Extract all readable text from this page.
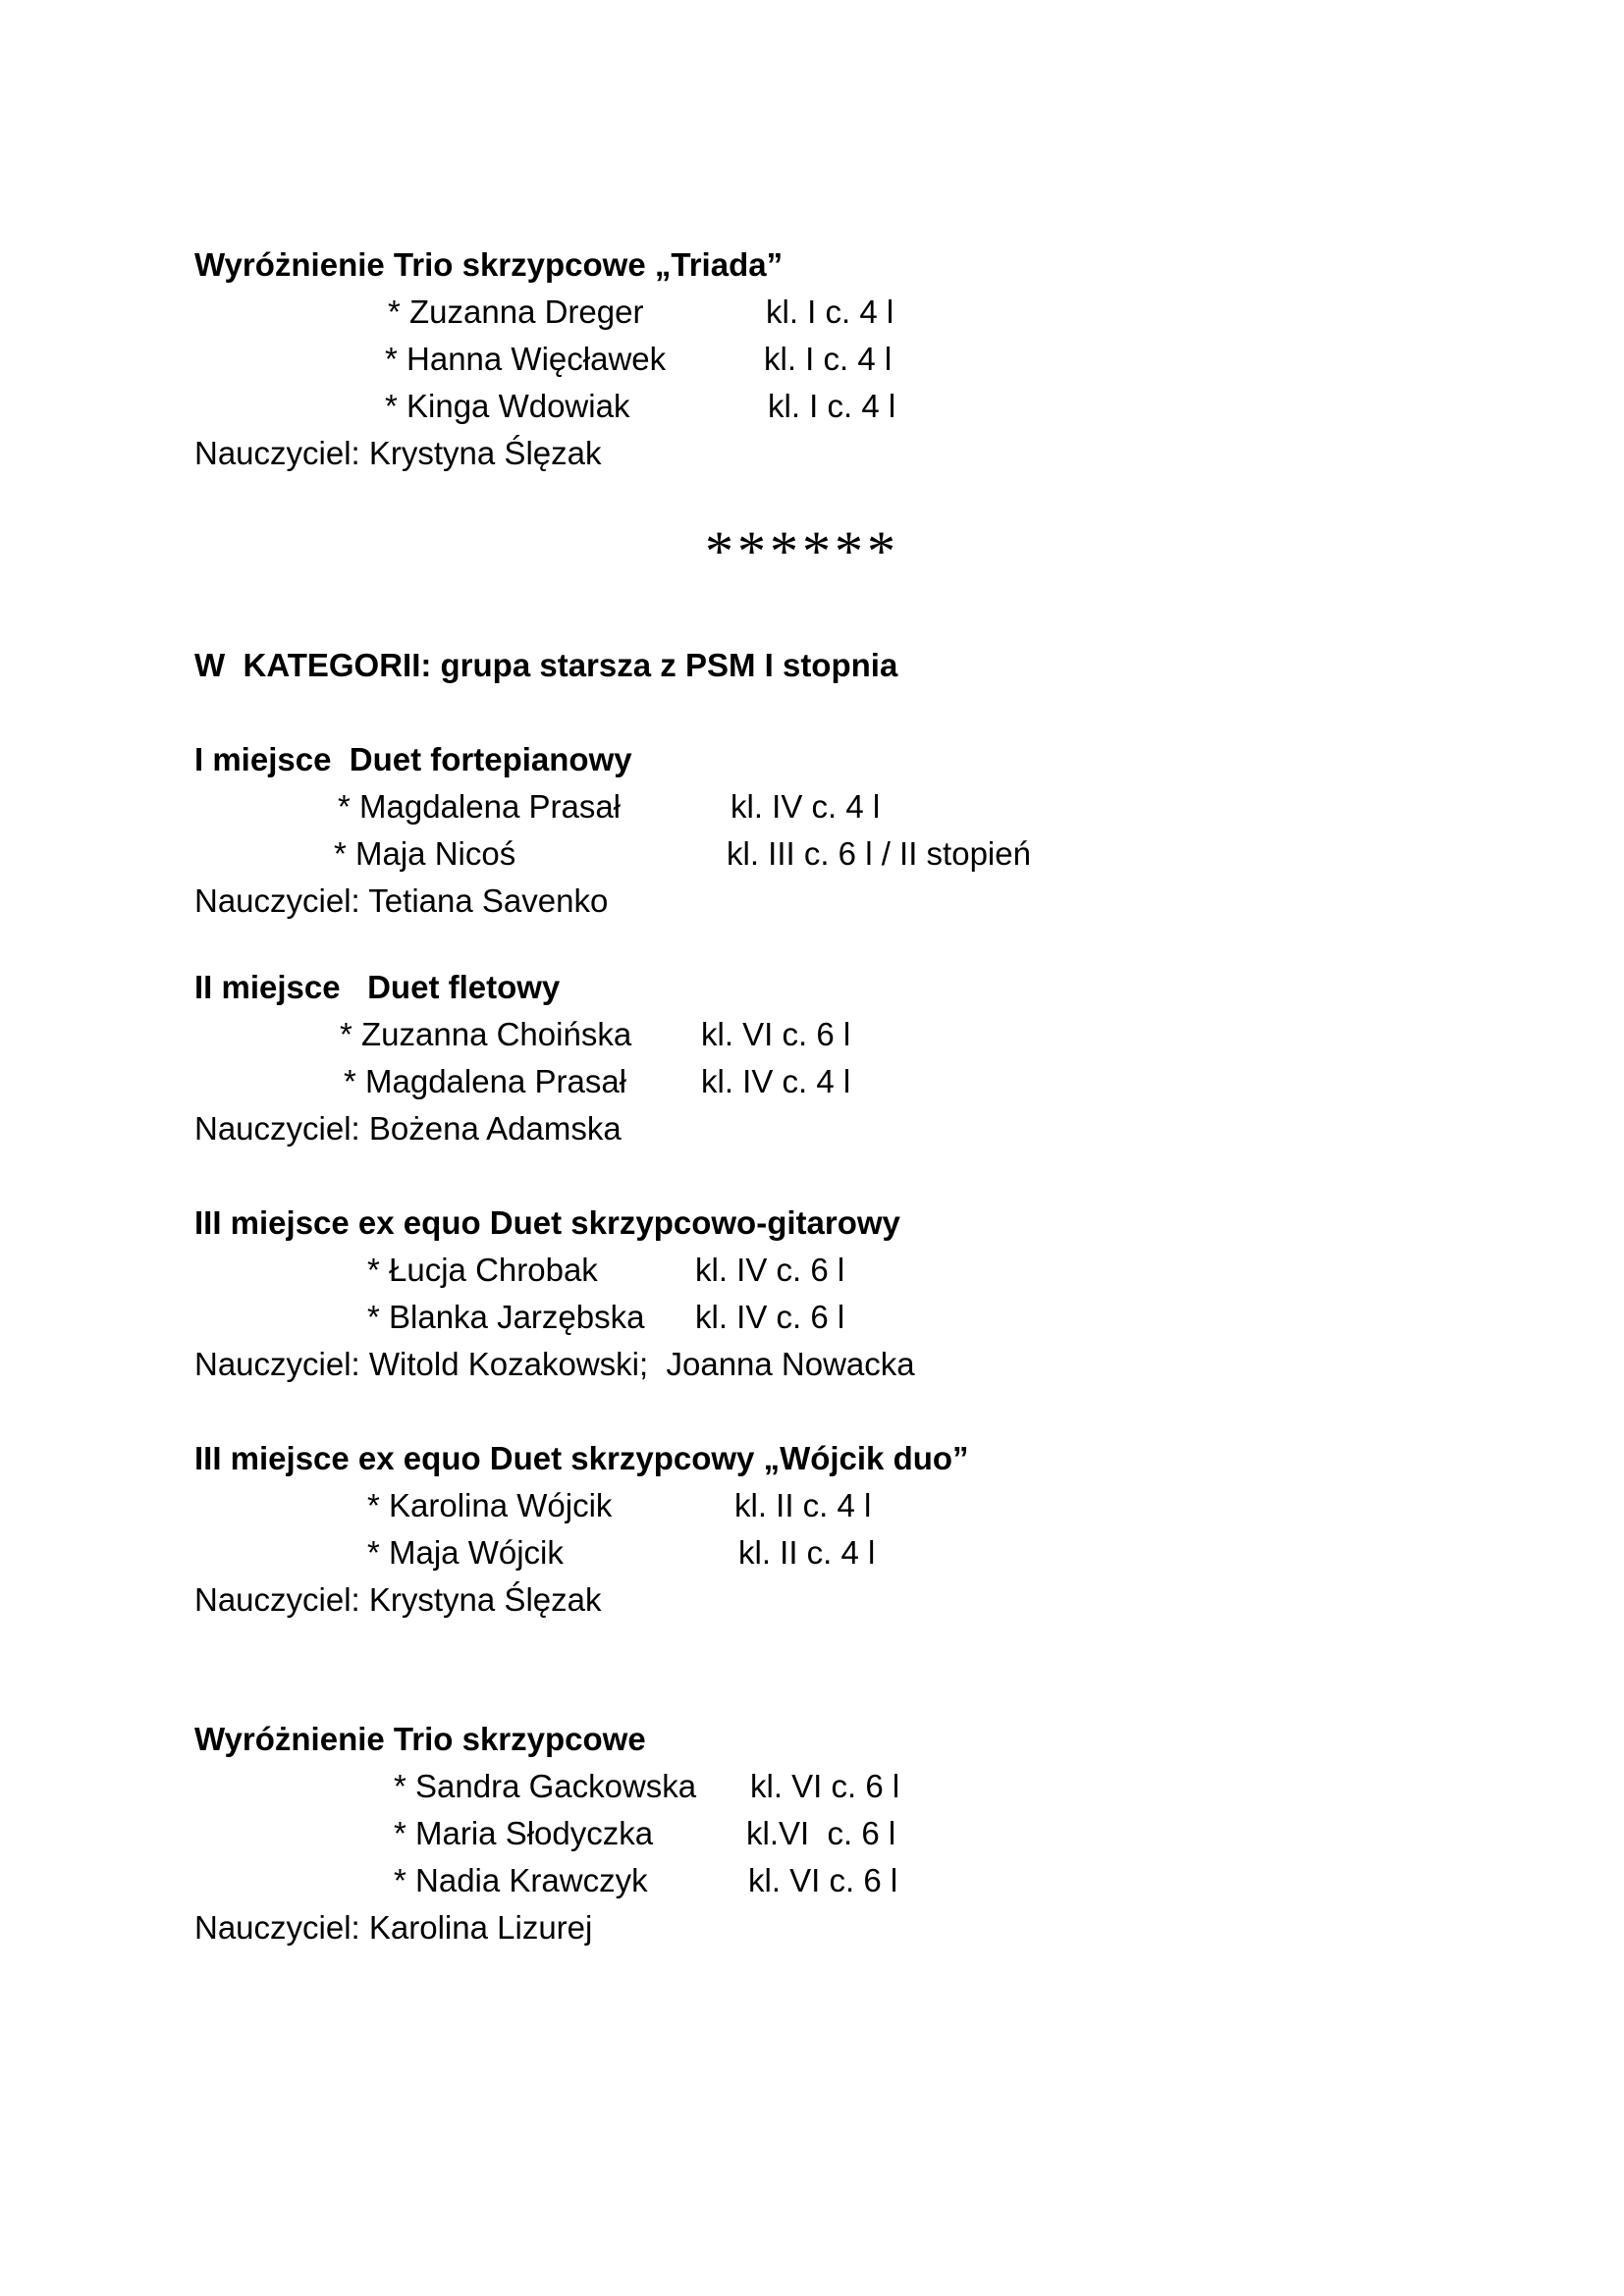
Wyróżnienie Trio skrzypcowe „Triada”
* Zuzanna Dreger	kl. I c. 4 l
* Hanna Więcławek	kl. I c. 4 l
* Kinga Wdowiak	kl. I c. 4 l
Nauczyciel: Krystyna Ślęzak
******
W  KATEGORII: grupa starsza z PSM I stopnia
I miejsce  Duet fortepianowy
* Magdalena Prasał	kl. IV c. 4 l
* Maja Nicoś	kl. III c. 6 l / II stopień
Nauczyciel: Tetiana Savenko
II miejsce   Duet fletowy
* Zuzanna Choińska kl. VI c. 6 l
* Magdalena Prasał kl. IV c. 4 l
Nauczyciel: Bożena Adamska
III miejsce ex equo Duet skrzypcowo-gitarowy
* Łucja Chrobak	kl. IV c. 6 l
* Blanka Jarzębska kl. IV c. 6 l
Nauczyciel: Witold Kozakowski;  Joanna Nowacka
III miejsce ex equo Duet skrzypcowy „Wójcik duo”
* Karolina Wójcik	kl. II c. 4 l
* Maja Wójcik	kl. II c. 4 l
Nauczyciel: Krystyna Ślęzak
Wyróżnienie Trio skrzypcowe
* Sandra Gackowska kl. VI c. 6 l
* Maria Słodyczka	kl.VI  c. 6 l
* Nadia Krawczyk	kl. VI c. 6 l
Nauczyciel: Karolina Lizurej
